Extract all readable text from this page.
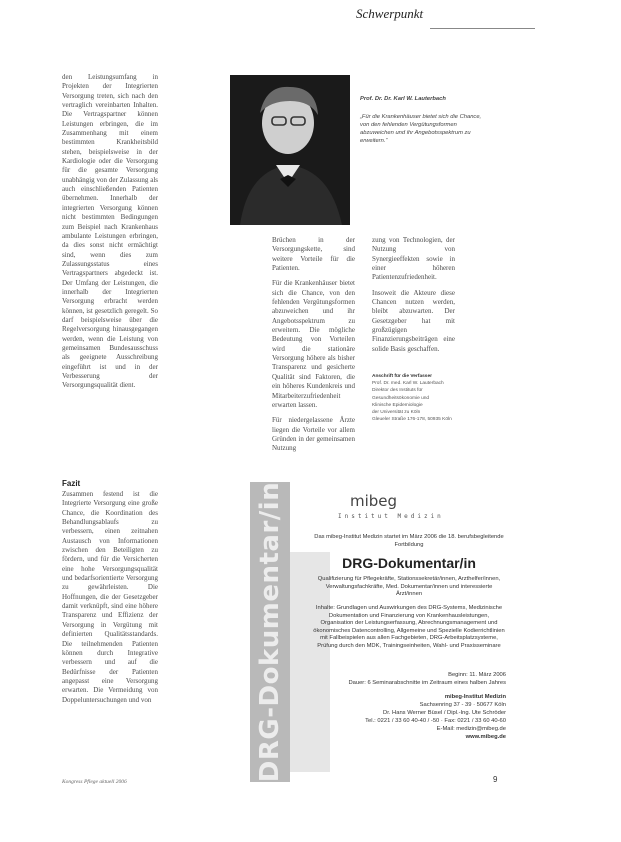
Schwerpunkt

den Leistungsumfang in Projekten der Integrierten Versorgung treten, sich nach den vertraglich vereinbarten Inhalten. Die Vertragspartner können Leistungen erbringen, die im Zusammenhang mit einem bestimmten Krankheitsbild stehen, beispielsweise in der Kardiologie oder die Versorgung für die gesamte Versorgung unabhängig von der Zulassung als auch einschließenden Patienten übernehmen. Innerhalb der integrierten Versorgung können nicht bestimmten Bedingungen zum Beispiel nach Krankenhaus ambulante Leistungen erbringen, da dies sonst nicht ermächtigt sind, wenn dies zum Zulassungsstatus eines Vertragspartners abgedeckt ist. Der Umfang der Leistungen, die innerhalb der Integrierten Versorgung erbracht werden können, ist gesetzlich geregelt. So darf beispielsweise über die Regelversorgung hinausgegangen werden, wenn die Leistung von gemeinsamen Bundesausschuss als geeignete Ausschreibung eingeführt ist und in der Verbesserung der Versorgungsqualität dient.

Fazit

Zusammen festend ist die Integrierte Versorgung eine große Chance, die Koordination des Behandlungsablaufs zu verbessern, einen zeitnahen Austausch von Informationen zwischen den Beteiligten zu fördern, und für die Versicherten eine hohe Versorgungsqualität und bedarfsorientierte Versorgung zu gewährleisten. Die Hoffnungen, die der Gesetzgeber damit verknüpft, sind eine höhere Transparenz und Effizienz der Versorgung in Vergütung mit definierten Qualitätsstandards. Die teilnehmenden Patienten können durch Integrative verbessern und auf die Bedürfnisse der Patienten angepasst eine Versorgung erwarten. Die Vermeidung von Doppeluntersuchungen und von

Prof. Dr. Dr. Karl W. Lauterbach
„Für die Krankenhäuser bietet sich die Chance, von den fehlenden Vergütungsformen abzuweichen und ihr Angebotsspektrum zu erweitern.“

Brüchen in der Versorgungskette, sind weitere Vorteile für die Patienten.

Für die Krankenhäuser bietet sich die Chance, von den fehlenden Vergütungsformen abzuweichen und ihr Angebotsspektrum zu erweitern. Die mögliche Bedeutung von Vorteilen wird die stationäre Versorgung höhere als bisher Transparenz und gesicherte Qualität sind Faktoren, die ein höheres Kundenkreis und Mitarbeiterzufriedenheit erwarten lassen.

Für niedergelassene Ärzte liegen die Vorteile vor allem Gründen in der gemeinsamen Nutzung

zung von Technologien, der Nutzung von Synergieeffekten sowie in einer höheren Patientenzufriedenheit.

Insoweit die Akteure diese Chancen nutzen werden, bleibt abzuwarten. Der Gesetzgeber hat mit großzügigen Finanzierungsbeiträgen eine solide Basis geschaffen.

Anschrift für die Verfasser
Prof. Dr. med. Karl W. Lauterbach
Direktor des Instituts für
Gesundheitsökonomie und
Klinische Epidemiologie
der Universität zu Köln
Gleueler Straße 176-178, 50935 Köln
DRG-Dokumentar/in	mibeg
Institut Medizin
Das mibeg-Institut Medizin startet im März 2006 die 18. berufsbegleitende Fortbildung
DRG-Dokumentar/in
Qualifizierung für Pflegekräfte, Stationssekretär/innen, Arzthelfer/innen, Verwaltungsfachkräfte, Med. Dokumentar/innen und interessierte Ärzt/innen
Inhalte: Grundlagen und Auswirkungen des DRG-Systems, Medizinische Dokumentation und Finanzierung von Krankenhausleistungen, Organisation der Leistungserfassung, Abrechnungsmanagement und ökonomisches Datencontrolling, Allgemeine und Spezielle Kodierrichtlinien mit Fallbeispielen aus allen Fachgebieten, DRG-Arbeitsplatzsysteme, Prüfung durch den MDK, Trainingseinheiten, Wahl- und Praxisseminare
Beginn: 11. März 2006
Dauer: 6 Seminarabschnitte im Zeitraum eines halben Jahres
mibeg-Institut Medizin
Sachsenring 37 - 39 · 50677 Köln
Dr. Hans Werner Büsel / Dipl.-Ing. Ute Schröder
Tel.: 0221 / 33 60 40-40 / -50 · Fax: 0221 / 33 60 40-60
E-Mail: medizin@mibeg.de
www.mibeg.de
Kongress Pflege aktuell 2006	9
